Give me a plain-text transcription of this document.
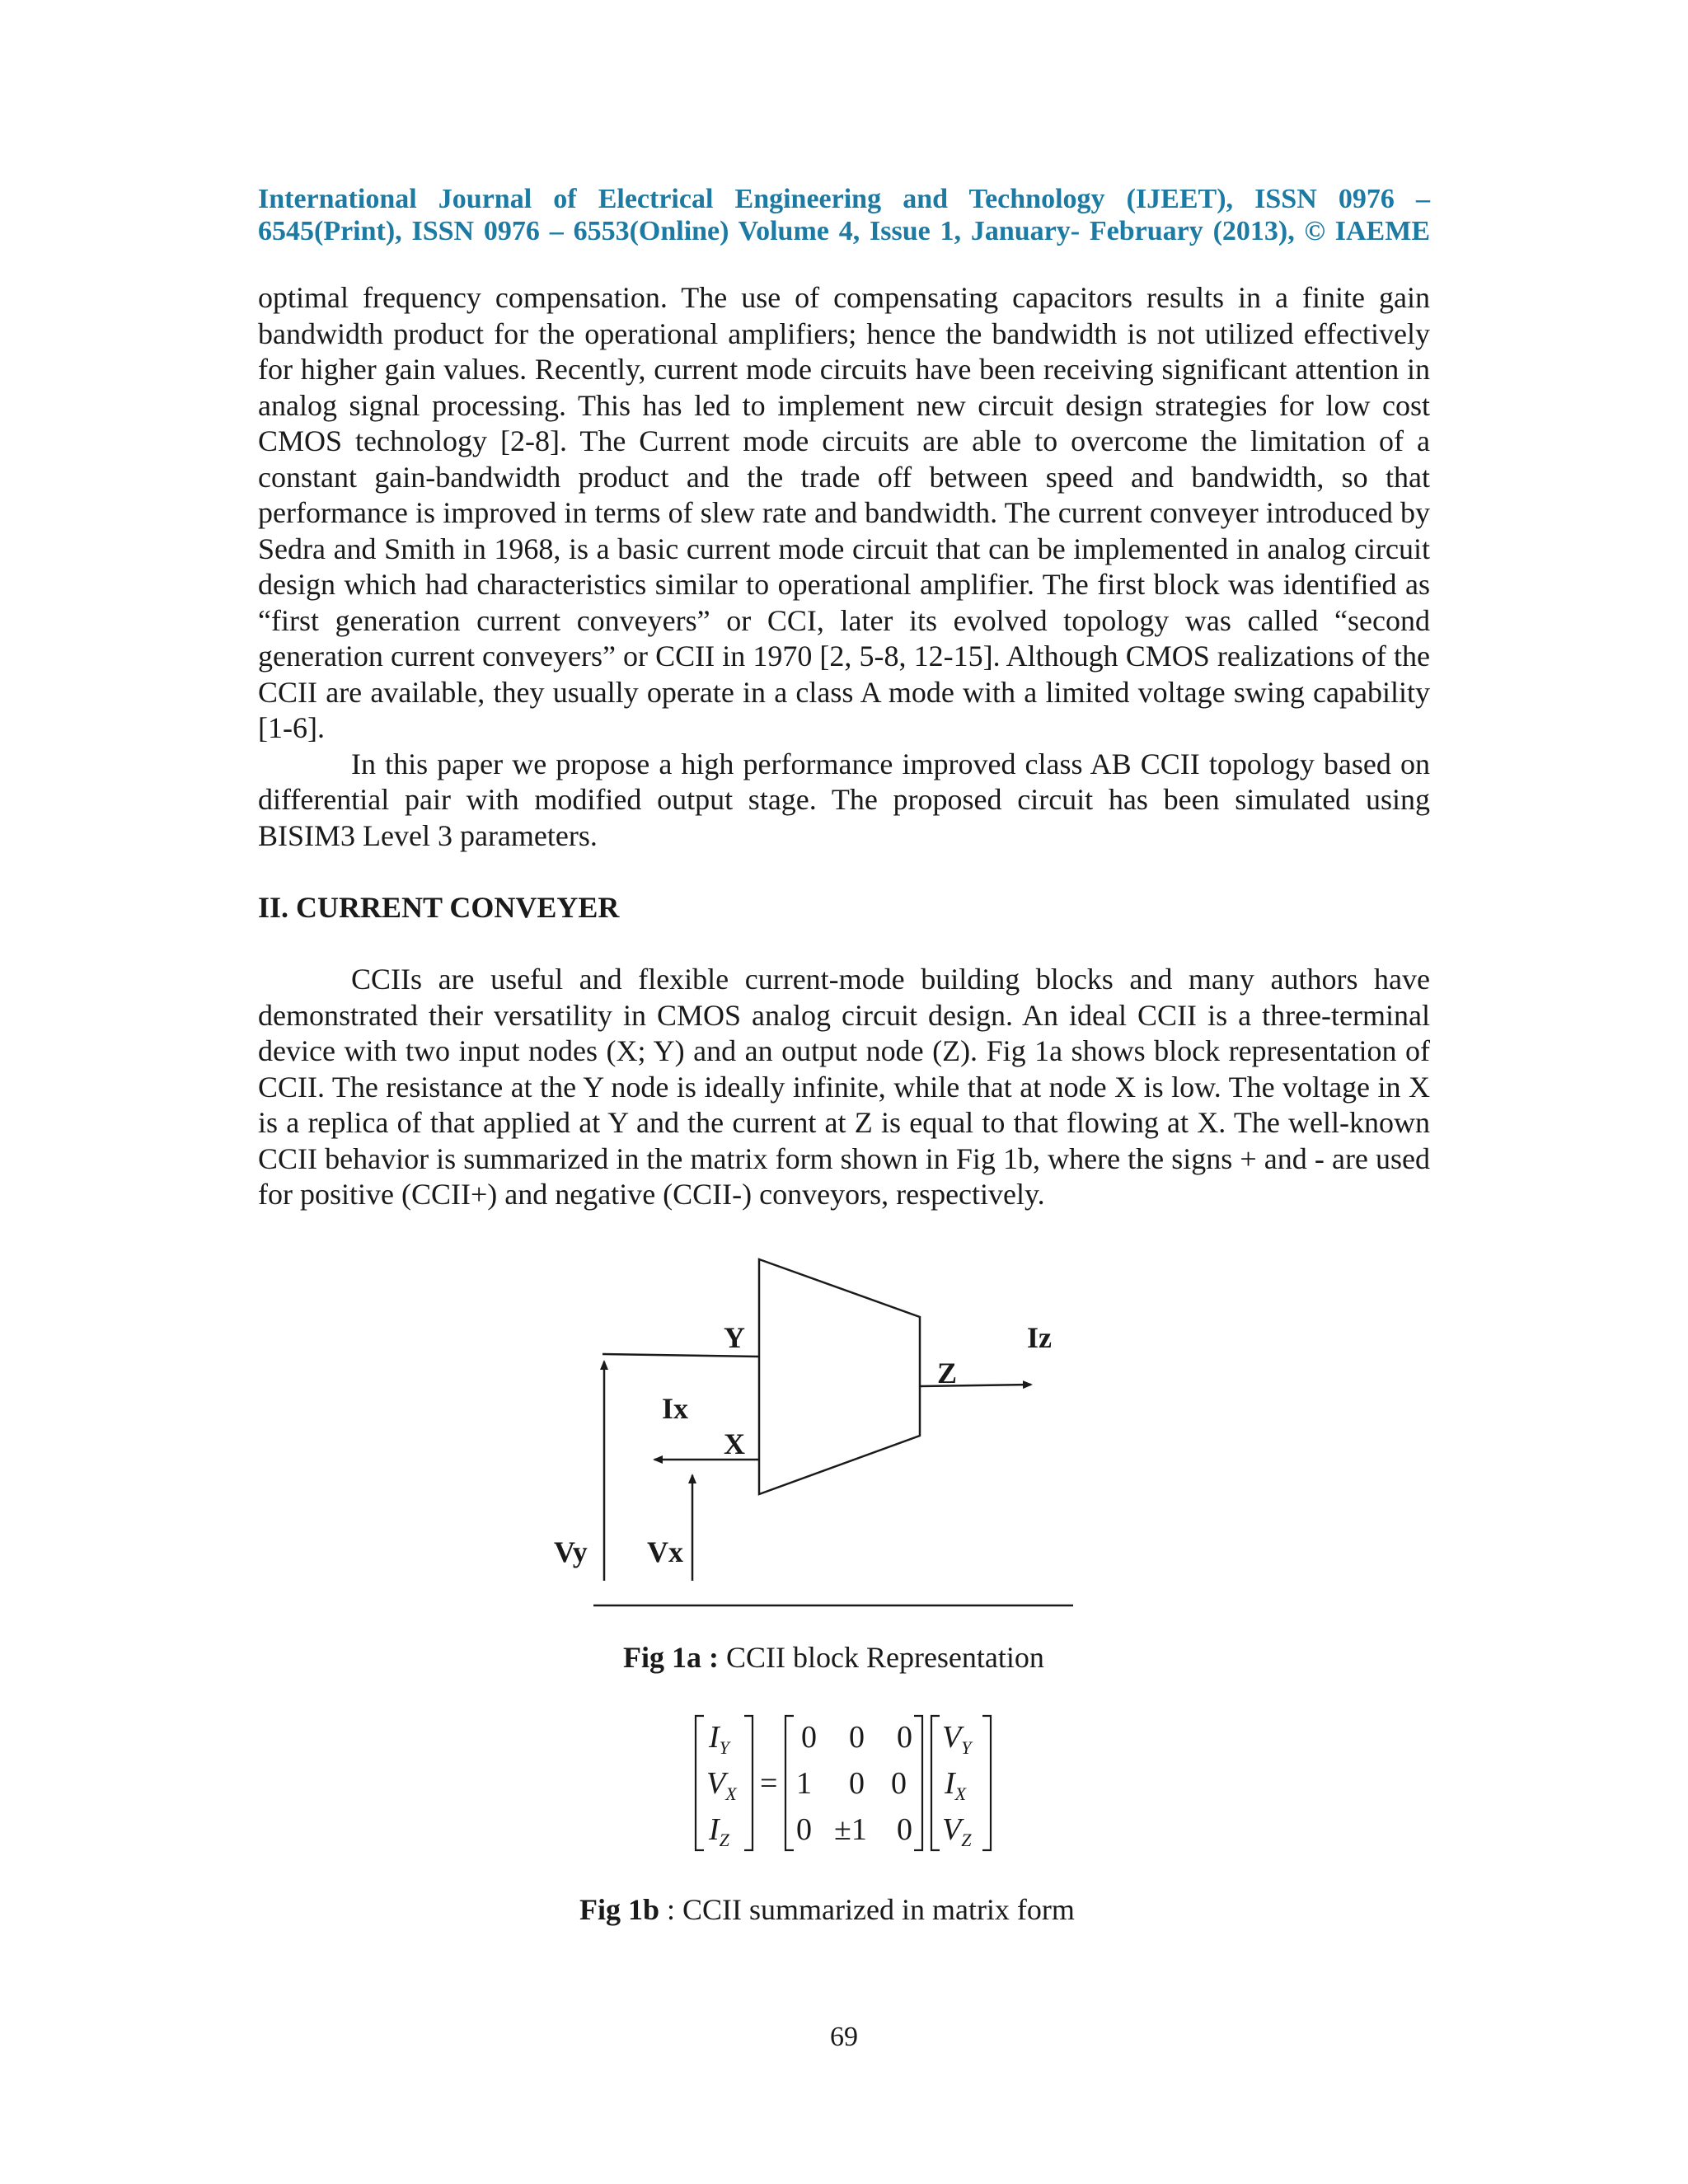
International Journal of Electrical Engineering and Technology (IJEET), ISSN 0976 –
6545(Print), ISSN 0976 – 6553(Online) Volume 4, Issue 1, January- February (2013), © IAEME

optimal frequency compensation. The use of compensating capacitors results in a finite gain bandwidth product for the operational amplifiers; hence the bandwidth is not utilized effectively for higher gain values. Recently, current mode circuits have been receiving significant attention in analog signal processing. This has led to implement new circuit design strategies for low cost CMOS technology [2-8]. The Current mode circuits are able to overcome the limitation of a constant gain-bandwidth product and the trade off between speed and bandwidth, so that performance is improved in terms of slew rate and bandwidth. The current conveyer introduced by Sedra and Smith in 1968, is a basic current mode circuit that can be implemented in analog circuit design which had characteristics similar to operational amplifier. The first block was identified as “first generation current conveyers” or CCI, later its evolved topology was called “second generation current conveyers” or CCII in 1970 [2, 5-8, 12-15]. Although CMOS realizations of the CCII are available, they usually operate in a class A mode with a limited voltage swing capability [1-6].

In this paper we propose a high performance improved class AB CCII topology based on differential pair with modified output stage. The proposed circuit has been simulated using BISIM3 Level 3 parameters.

II. CURRENT CONVEYER

CCIIs are useful and flexible current-mode building blocks and many authors have demonstrated their versatility in CMOS analog circuit design. An ideal CCII is a three-terminal device with two input nodes (X; Y) and an output node (Z). Fig 1a shows block representation of CCII. The resistance at the Y node is ideally infinite, while that at node X is low. The voltage in X is a replica of that applied at Y and the current at Z is equal to that flowing at X. The well-known CCII behavior is summarized in the matrix form shown in Fig 1b, where the signs + and - are used for positive (CCII+) and negative (CCII-) conveyors, respectively.

Y
X
Z
Iz
Ix
Vy Vx
Fig 1a : CCII block Representation
$I_Y$
$V_X$
$I_Z$
=
0 0 0
1 0 0
0 ±1 0
$V_Y$
$I_X$
$V_Z$
Fig 1b : CCII summarized in matrix form
69
